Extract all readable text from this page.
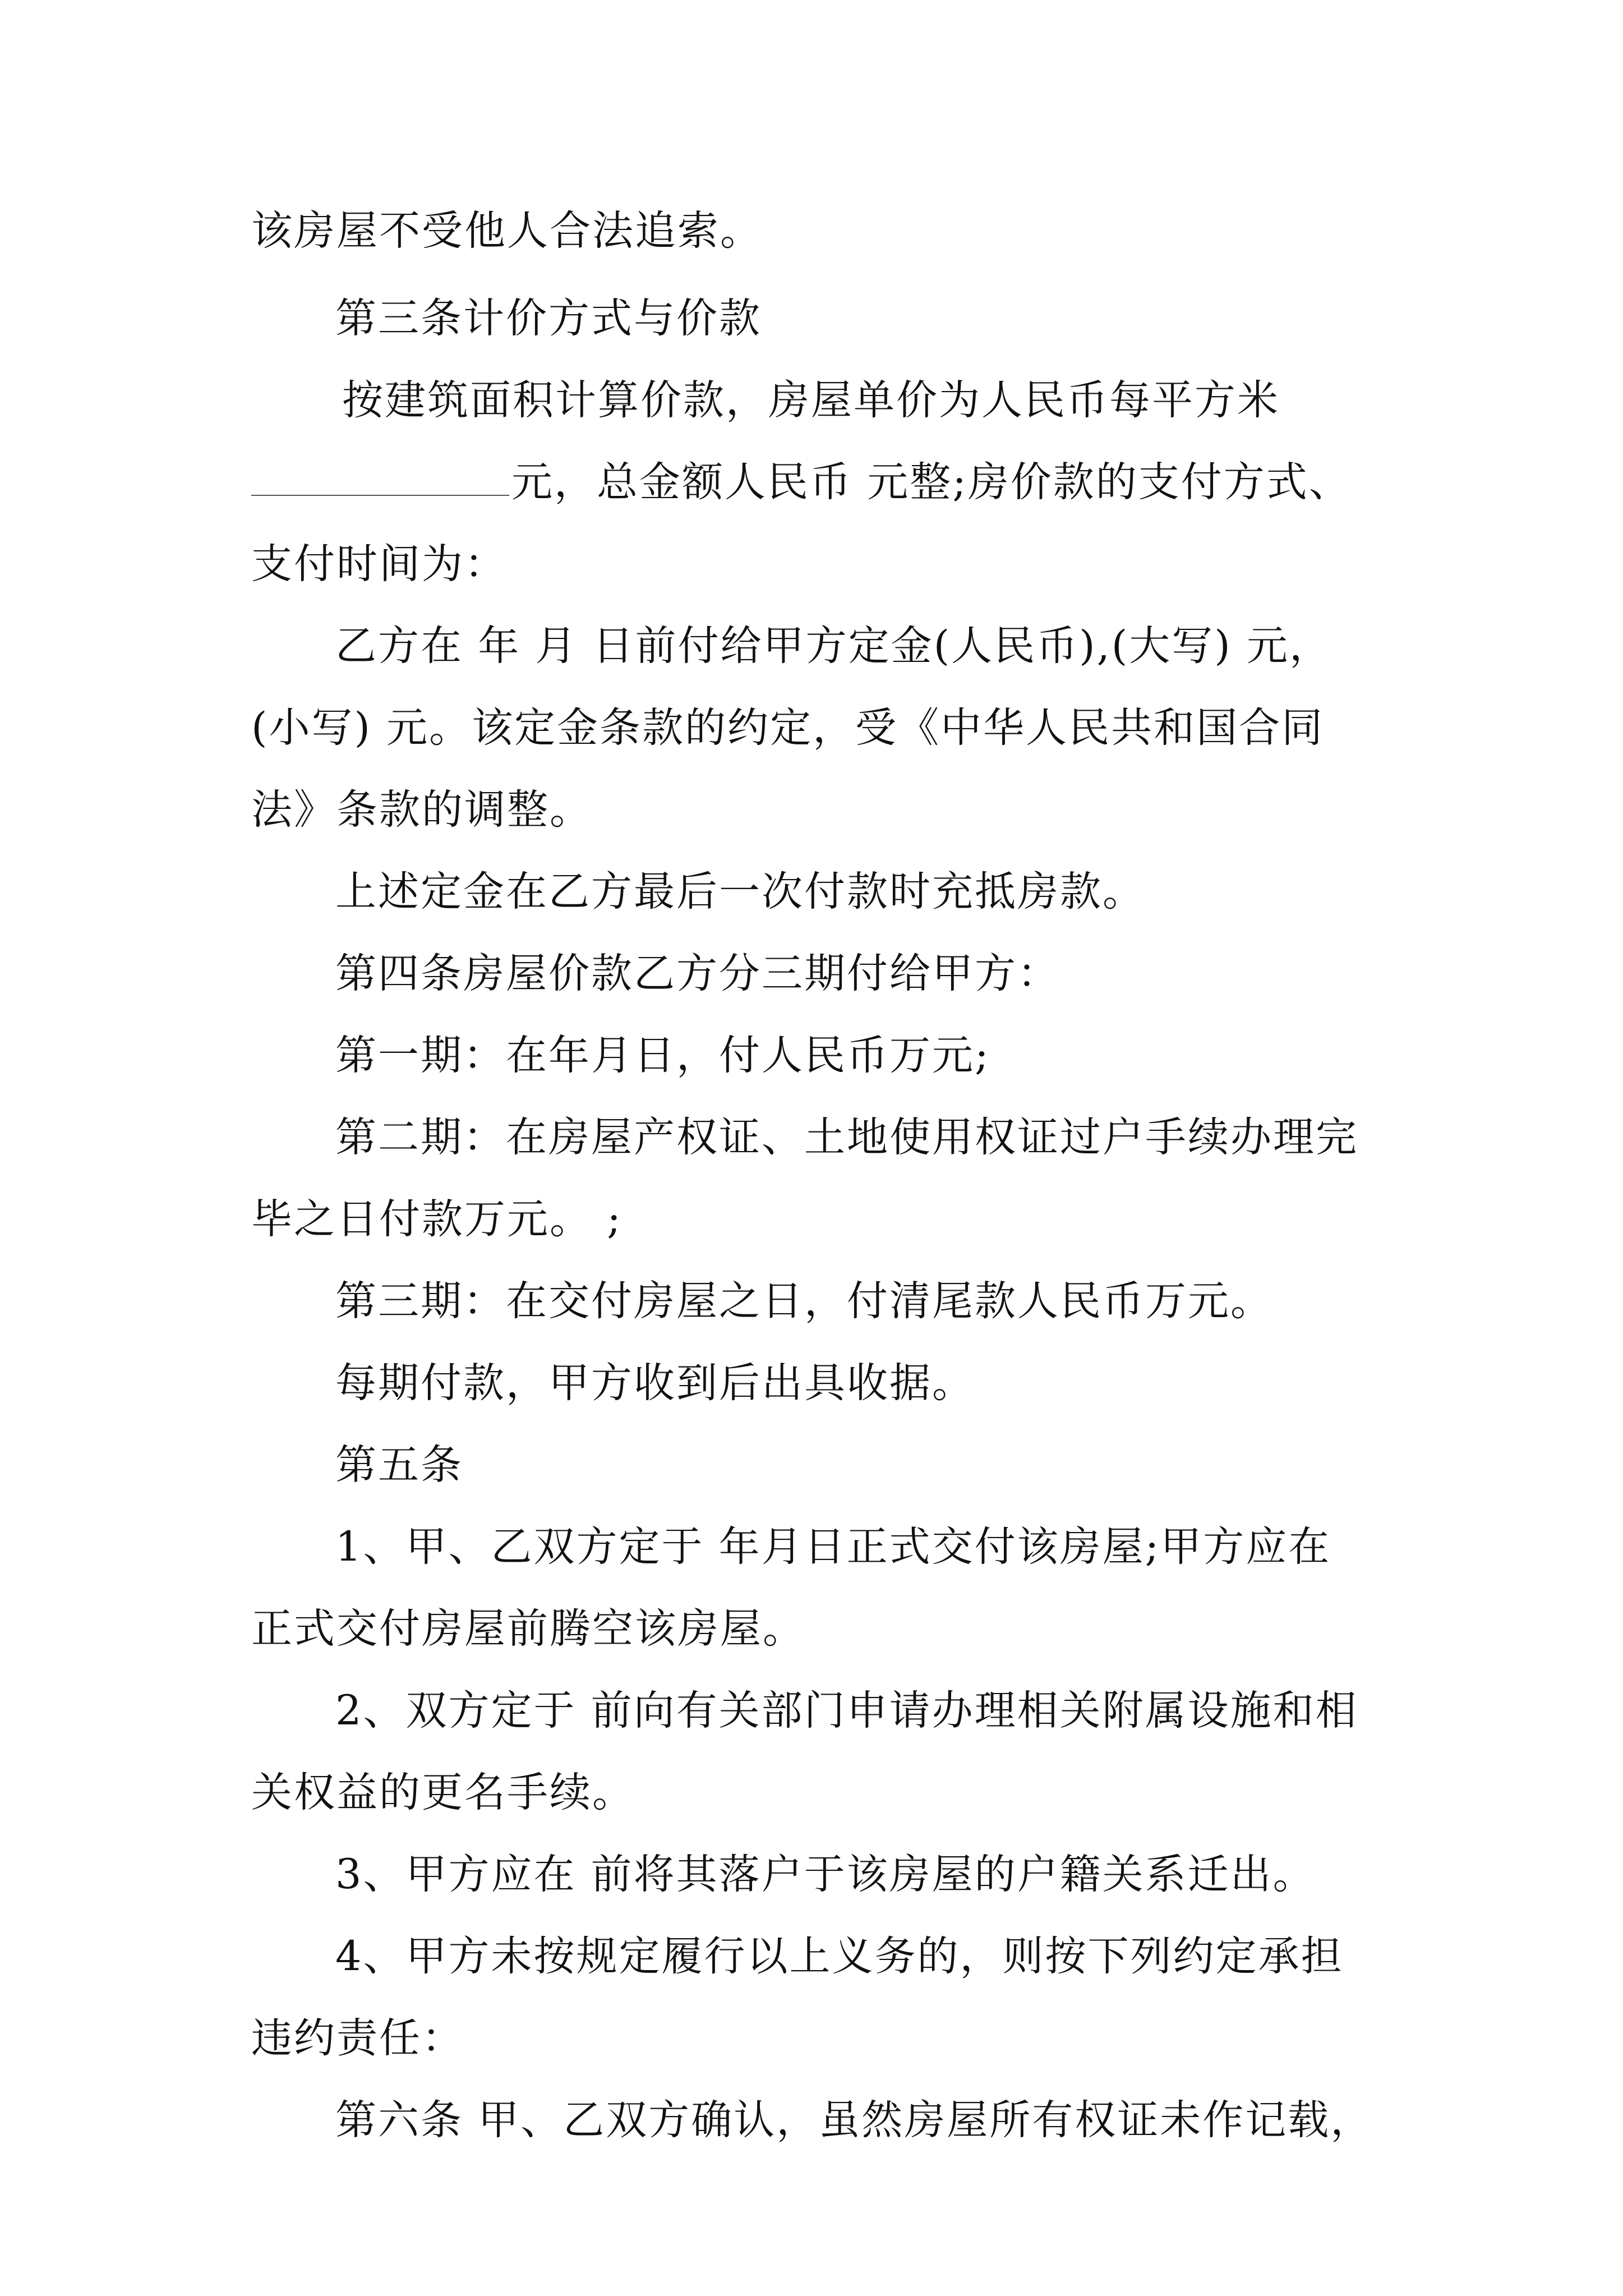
该房屋不受他人合法追索。
第三条计价方式与价款
按建筑面积计算价款，房屋单价为人民币每平方米
元，总金额人民币 元整;房价款的支付方式、
支付时间为：
乙方在 年 月 日前付给甲方定金(人民币),(大写) 元，
(小写) 元。该定金条款的约定，受《中华人民共和国合同
法》条款的调整。
上述定金在乙方最后一次付款时充抵房款。
第四条房屋价款乙方分三期付给甲方：
第一期：在年月日，付人民币万元;
第二期：在房屋产权证、土地使用权证过户手续办理完
毕之日付款万元。 ;
第三期：在交付房屋之日，付清尾款人民币万元。
每期付款，甲方收到后出具收据。
第五条
1、甲、乙双方定于 年月日正式交付该房屋;甲方应在
正式交付房屋前腾空该房屋。
2、双方定于 前向有关部门申请办理相关附属设施和相
关权益的更名手续。
3、甲方应在 前将其落户于该房屋的户籍关系迁出。
4、甲方未按规定履行以上义务的，则按下列约定承担
违约责任：
第六条 甲、乙双方确认，虽然房屋所有权证未作记载，
